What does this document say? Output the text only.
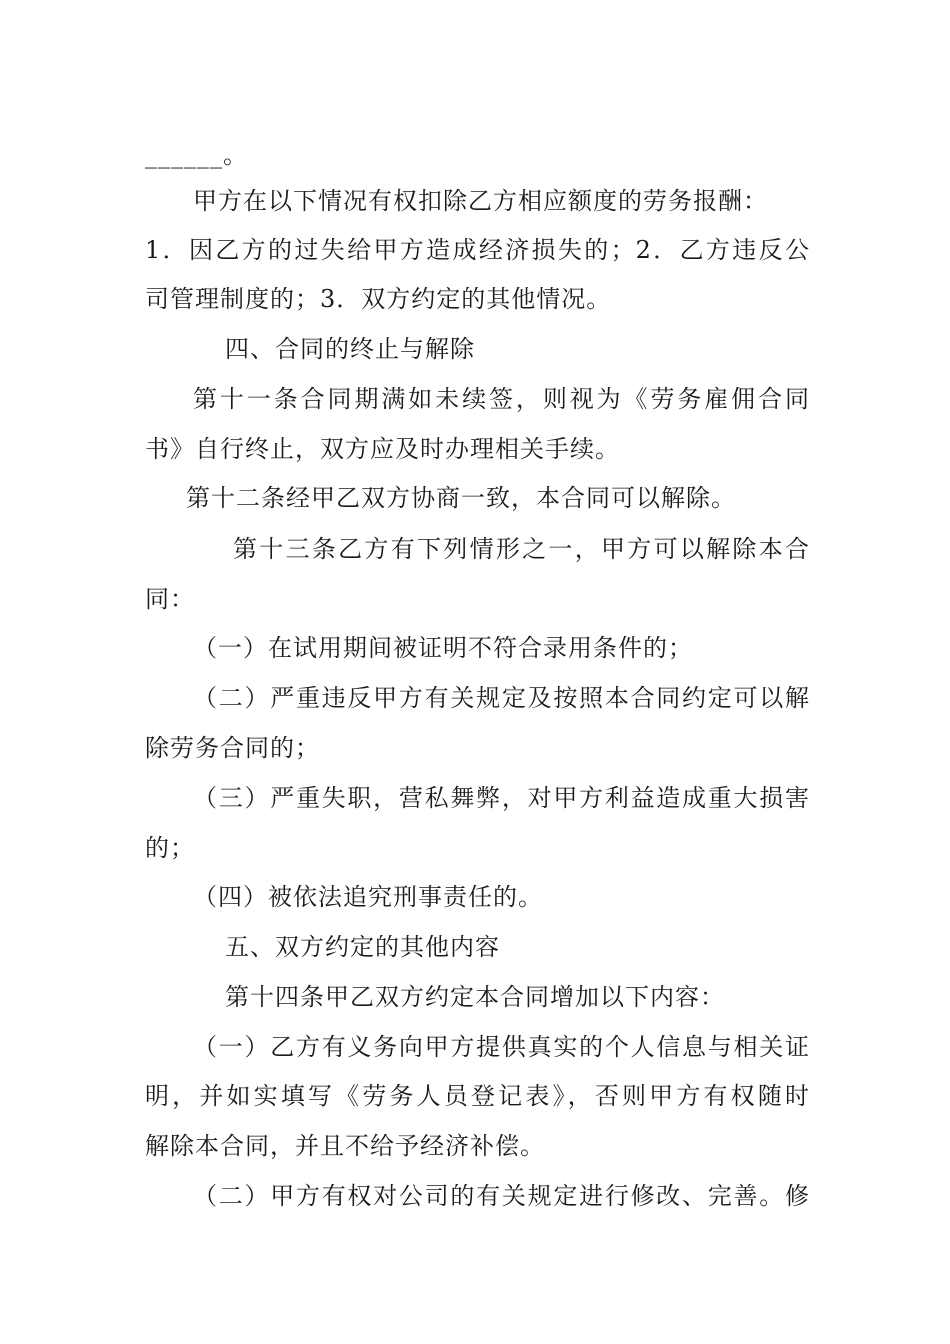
______。
甲方在以下情况有权扣除乙方相应额度的劳务报酬：
1．因乙方的过失给甲方造成经济损失的；2．乙方违反公
司管理制度的；3．双方约定的其他情况。
四、合同的终止与解除
第十一条合同期满如未续签，则视为《劳务雇佣合同
书》自行终止，双方应及时办理相关手续。
第十二条经甲乙双方协商一致，本合同可以解除。
第十三条乙方有下列情形之一，甲方可以解除本合
同：
（一）在试用期间被证明不符合录用条件的；
（二）严重违反甲方有关规定及按照本合同约定可以解
除劳务合同的；
（三）严重失职，营私舞弊，对甲方利益造成重大损害
的；
（四）被依法追究刑事责任的。
五、双方约定的其他内容
第十四条甲乙双方约定本合同增加以下内容：
（一）乙方有义务向甲方提供真实的个人信息与相关证
明，并如实填写《劳务人员登记表》，否则甲方有权随时
解除本合同，并且不给予经济补偿。
（二）甲方有权对公司的有关规定进行修改、完善。修
